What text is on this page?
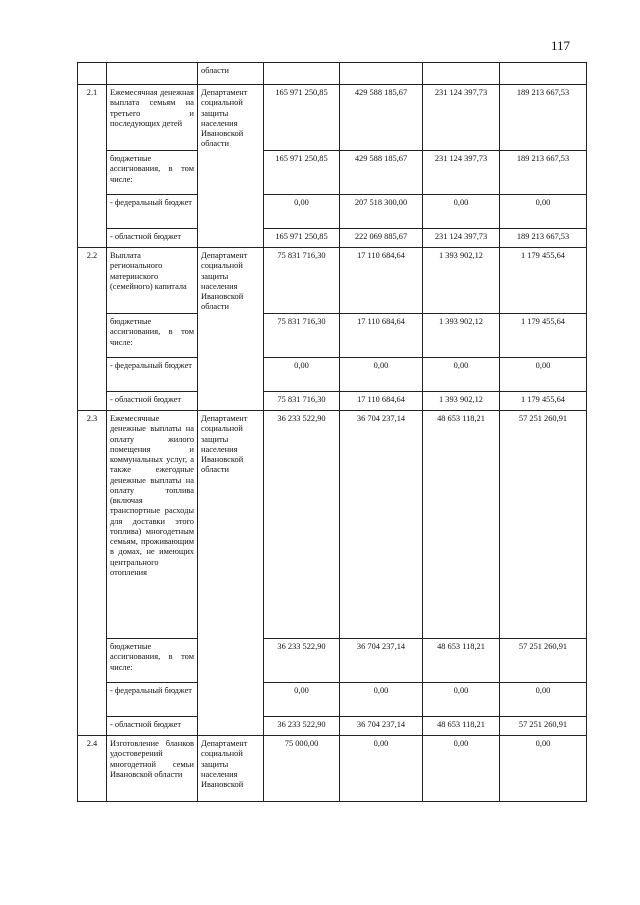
117
		области				
2.1	Ежемесячная денежная выплата семьям на третьего и последующих детей	Департамент социальной защиты населения Ивановской области	165 971 250,85	429 588 185,67	231 124 397,73	189 213 667,53
	бюджетные ассигнования, в том числе:		165 971 250,85	429 588 185,67	231 124 397,73	189 213 667,53
	- федеральный бюджет		0,00	207 518 300,00	0,00	0,00
	- областной бюджет		165 971 250,85	222 069 885,67	231 124 397,73	189 213 667,53
2.2	Выплата регионального материнского (семейного) капитала	Департамент социальной защиты населения Ивановской области	75 831 716,30	17 110 684,64	1 393 902,12	1 179 455,64
	бюджетные ассигнования, в том числе:		75 831 716,30	17 110 684,64	1 393 902,12	1 179 455,64
	- федеральный бюджет		0,00	0,00	0,00	0,00
	- областной бюджет		75 831 716,30	17 110 684,64	1 393 902,12	1 179 455,64
2.3	Ежемесячные денежные выплаты на оплату жилого помещения и коммунальных услуг, а также ежегодные денежные выплаты на оплату топлива (включая транспортные расходы для доставки этого топлива) многодетным семьям, проживающим в домах, не имеющих центрального отопления	Департамент социальной защиты населения Ивановской области	36 233 522,90	36 704 237,14	48 653 118,21	57 251 260,91
	бюджетные ассигнования, в том числе:		36 233 522,90	36 704 237,14	48 653 118,21	57 251 260,91
	- федеральный бюджет		0,00	0,00	0,00	0,00
	- областной бюджет		36 233 522,90	36 704 237,14	48 653 118,21	57 251 260,91
2.4	Изготовление бланков удостоверений многодетной семьи Ивановской области	Департамент социальной защиты населения Ивановской	75 000,00	0,00	0,00	0,00
